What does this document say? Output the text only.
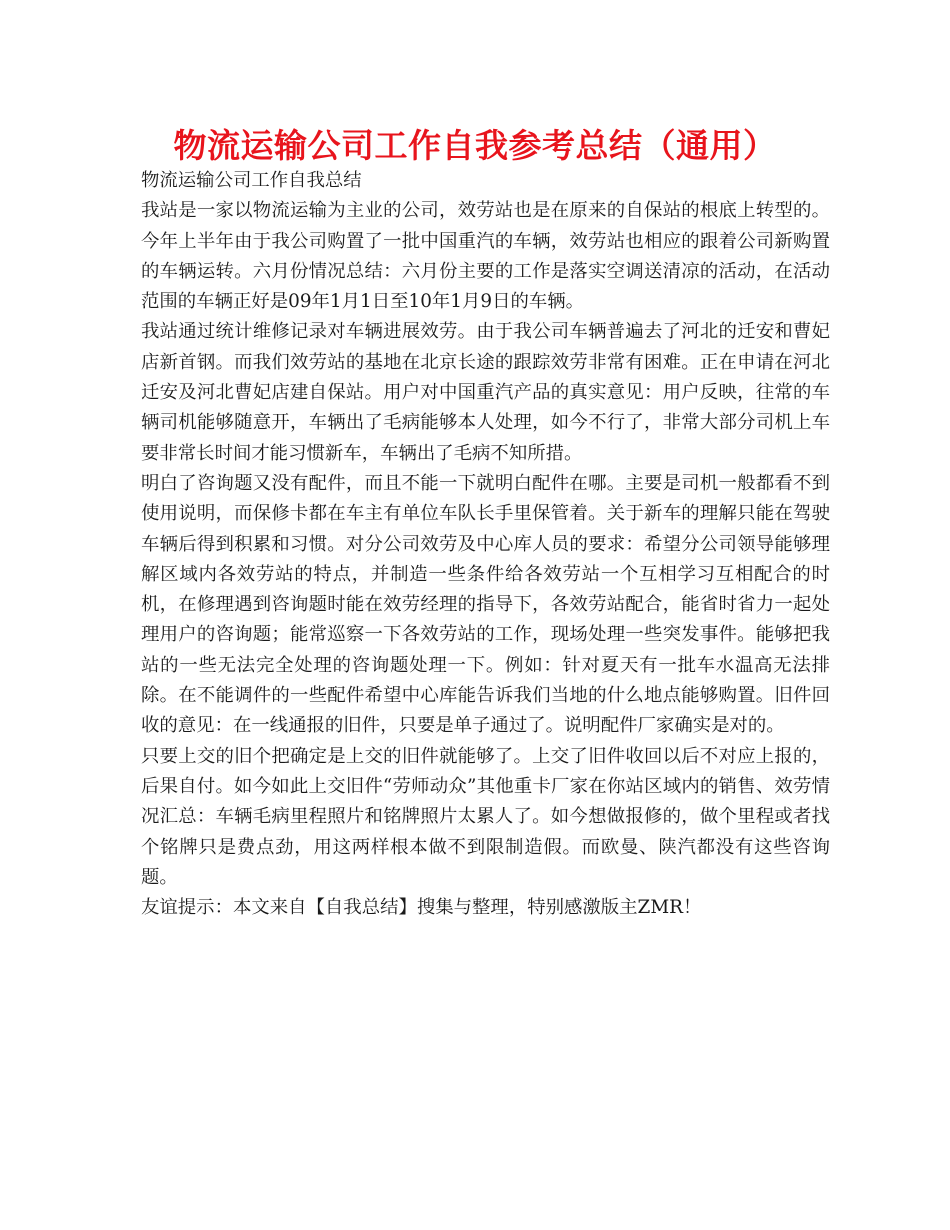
物流运输公司工作自我参考总结（通用）

物流运输公司工作自我总结

我站是一家以物流运输为主业的公司，效劳站也是在原来的自保站的根底上转型的。今年上半年由于我公司购置了一批中国重汽的车辆，效劳站也相应的跟着公司新购置的车辆运转。六月份情况总结：六月份主要的工作是落实空调送清凉的活动，在活动范围的车辆正好是09年1月1日至10年1月9日的车辆。

我站通过统计维修记录对车辆进展效劳。由于我公司车辆普遍去了河北的迁安和曹妃店新首钢。而我们效劳站的基地在北京长途的跟踪效劳非常有困难。正在申请在河北迁安及河北曹妃店建自保站。用户对中国重汽产品的真实意见：用户反映，往常的车辆司机能够随意开，车辆出了毛病能够本人处理，如今不行了，非常大部分司机上车要非常长时间才能习惯新车，车辆出了毛病不知所措。

明白了咨询题又没有配件，而且不能一下就明白配件在哪。主要是司机一般都看不到使用说明，而保修卡都在车主有单位车队长手里保管着。关于新车的理解只能在驾驶车辆后得到积累和习惯。对分公司效劳及中心库人员的要求：希望分公司领导能够理解区域内各效劳站的特点，并制造一些条件给各效劳站一个互相学习互相配合的时机，在修理遇到咨询题时能在效劳经理的指导下，各效劳站配合，能省时省力一起处理用户的咨询题；能常巡察一下各效劳站的工作，现场处理一些突发事件。能够把我站的一些无法完全处理的咨询题处理一下。例如：针对夏天有一批车水温高无法排除。在不能调件的一些配件希望中心库能告诉我们当地的什么地点能够购置。旧件回收的意见：在一线通报的旧件，只要是单子通过了。说明配件厂家确实是对的。

只要上交的旧个把确定是上交的旧件就能够了。上交了旧件收回以后不对应上报的，后果自付。如今如此上交旧件“劳师动众”其他重卡厂家在你站区域内的销售、效劳情况汇总：车辆毛病里程照片和铭牌照片太累人了。如今想做报修的，做个里程或者找个铭牌只是费点劲，用这两样根本做不到限制造假。而欧曼、陕汽都没有这些咨询题。

友谊提示：本文来自【自我总结】搜集与整理，特别感激版主ZMR！
